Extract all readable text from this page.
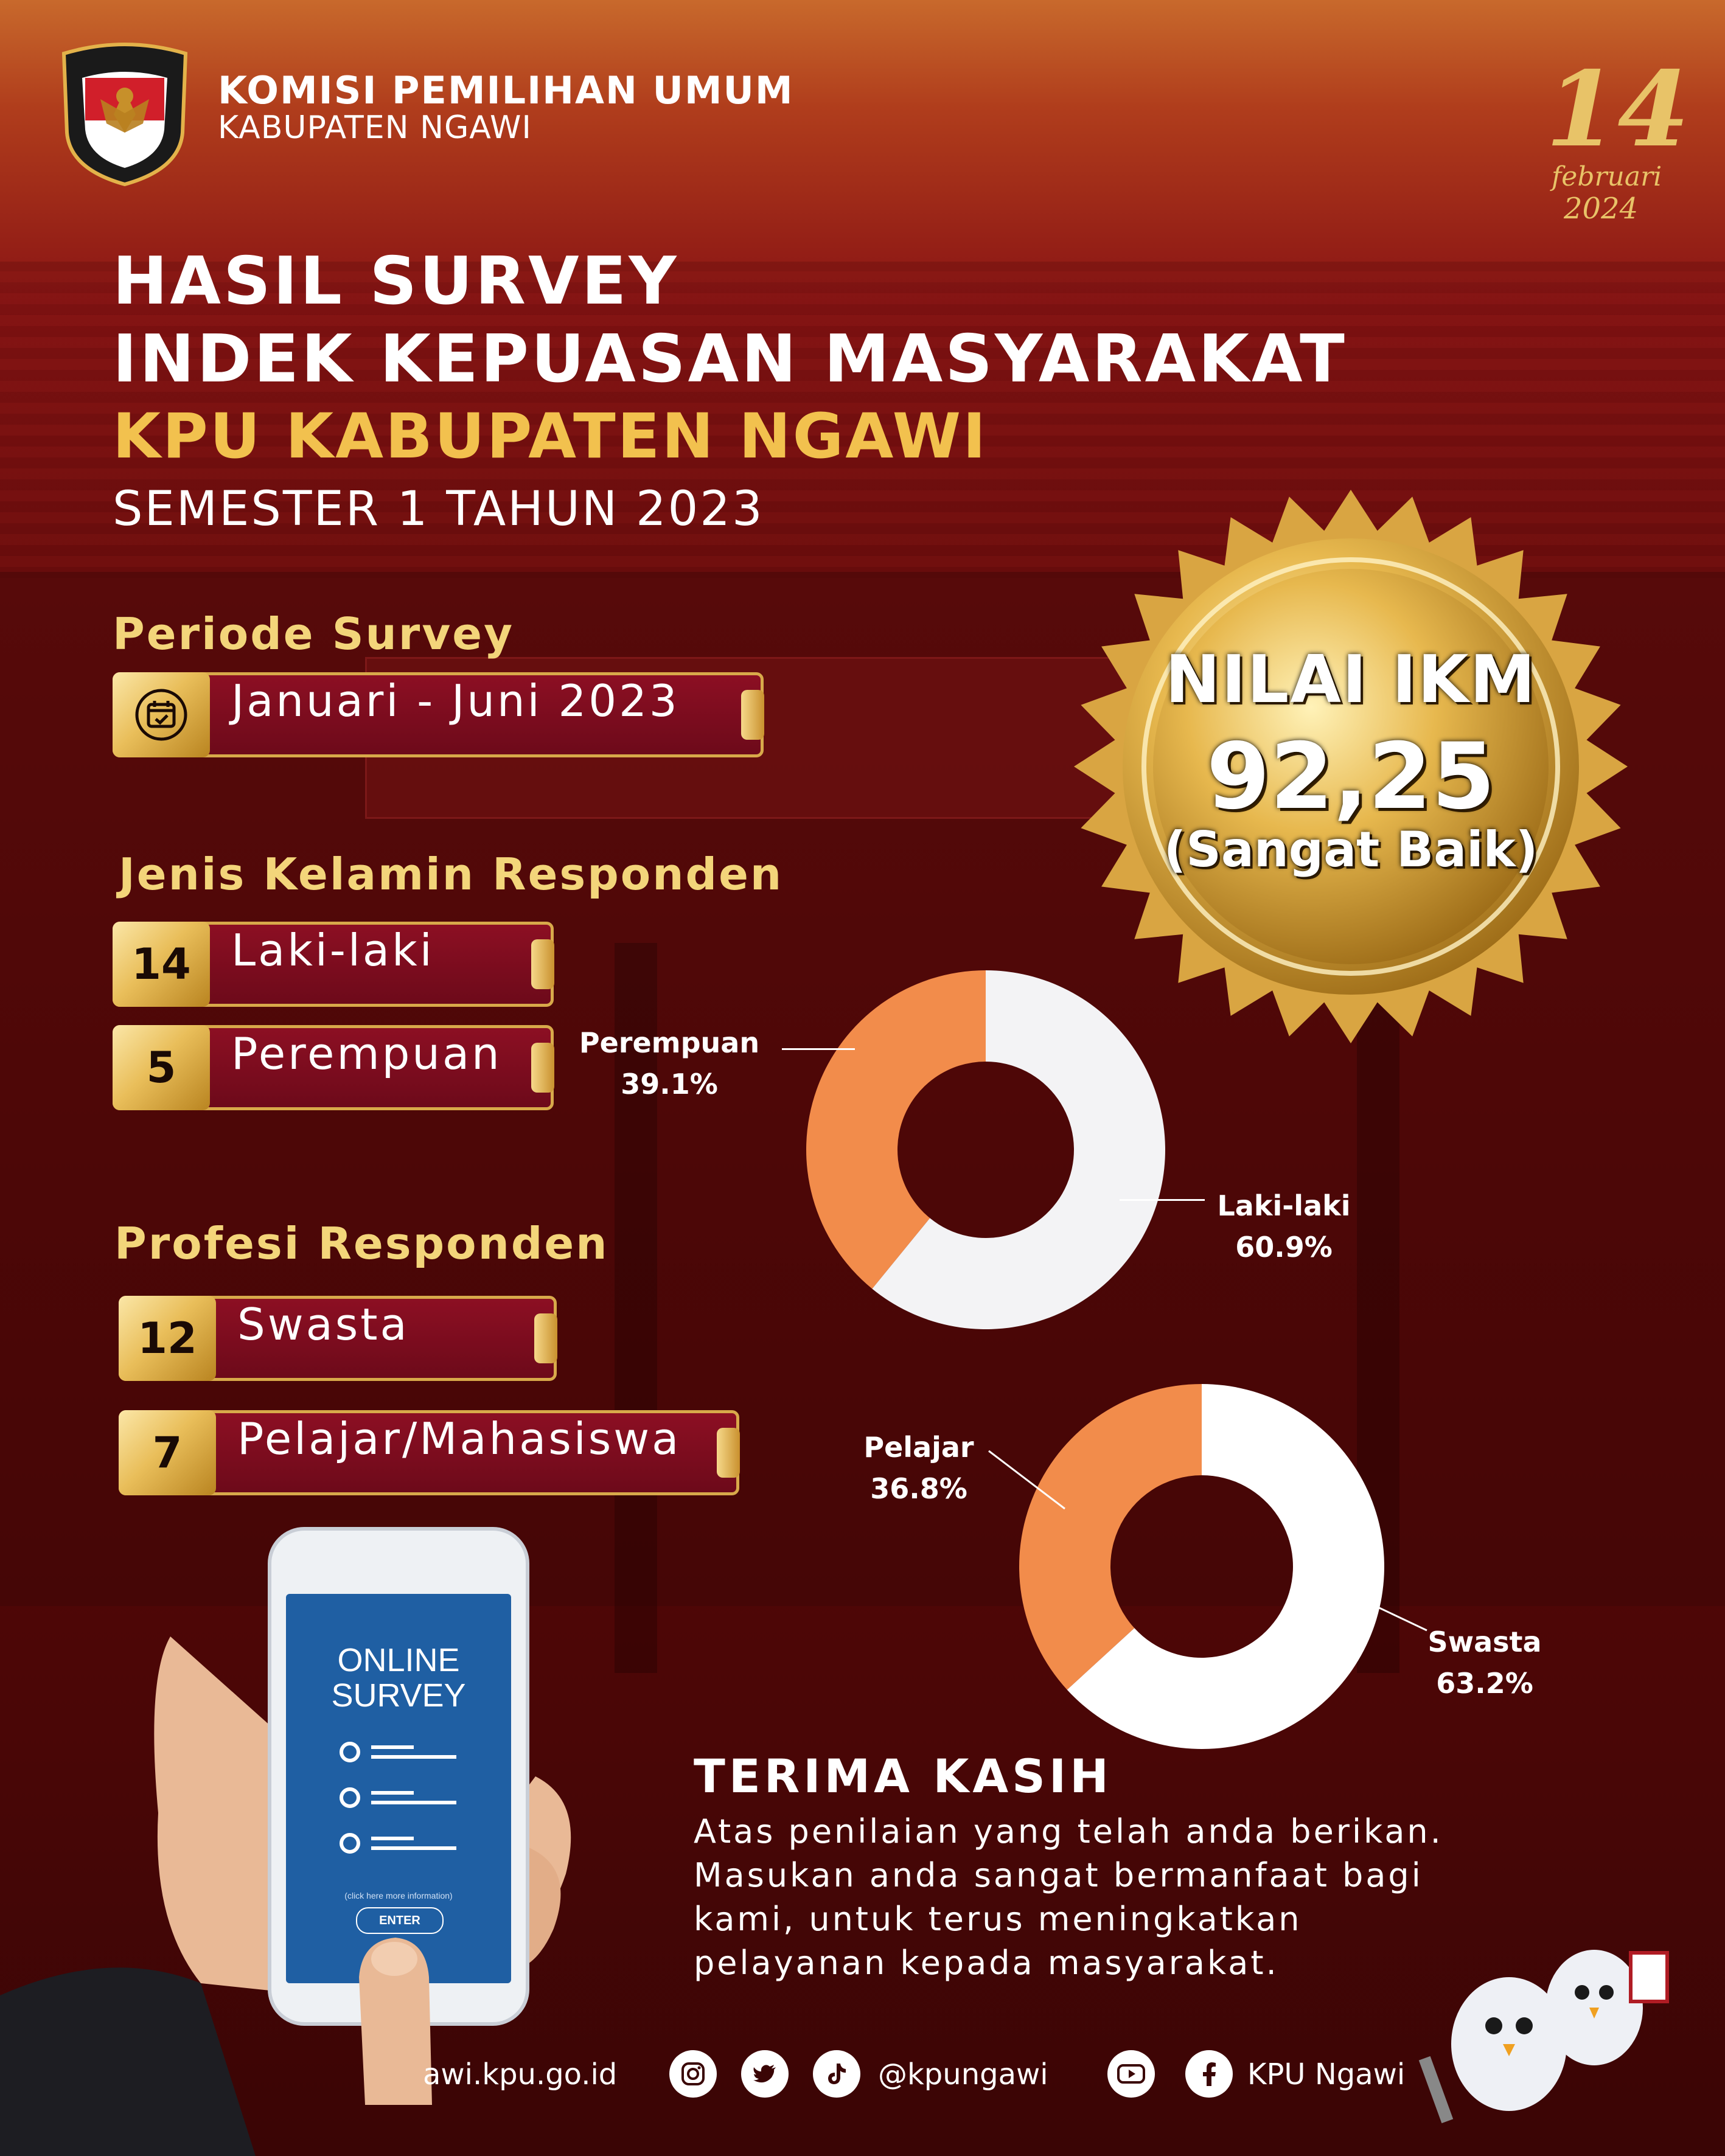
KOMISI PEMILIHAN UMUM
KABUPATEN NGAWI	14
februari
2024
HASIL SURVEY
INDEK KEPUASAN MASYARAKAT
KPU KABUPATEN NGAWI
SEMESTER 1 TAHUN 2023
Periode Survey
Januari - Juni 2023
Jenis Kelamin Responden
14 Laki-laki
5	Perempuan
Profesi Responden
12 Swasta
7	Pelajar/Mahasiswa
NILAI IKM
92,25
(Sangat Baik)
Perempuan
39.1%
Laki-laki
60.9%
Pelajar
36.8%
Swasta
63.2%
TERIMA KASIH
Atas penilaian yang telah anda berikan.
Masukan anda sangat bermanfaat bagi
kami, untuk terus meningkatkan
pelayanan kepada masyarakat.
ONLINE
SURVEY
(click here more information)
ENTER
awi.kpu.go.id	@kpungawi	KPU Ngawi
